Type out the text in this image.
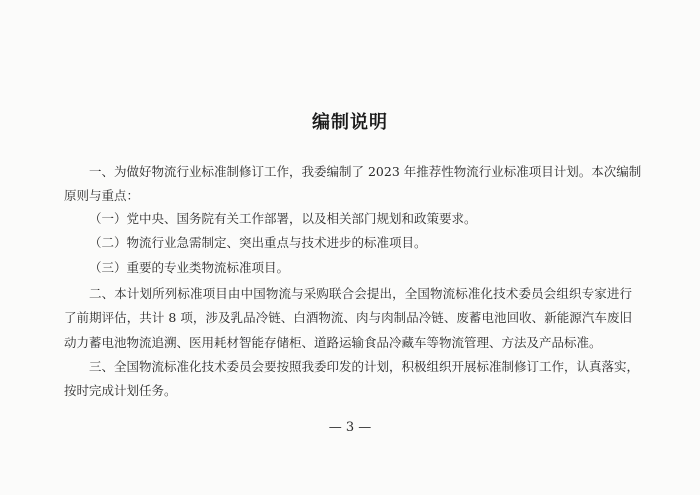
编制说明
一、为做好物流行业标准制修订工作，我委编制了 2023 年推荐性物流行业标准项目计划。本次编制
原则与重点：
（一）党中央、国务院有关工作部署，以及相关部门规划和政策要求。
（二）物流行业急需制定、突出重点与技术进步的标准项目。
（三）重要的专业类物流标准项目。
二、本计划所列标准项目由中国物流与采购联合会提出，全国物流标准化技术委员会组织专家进行
了前期评估，共计 8 项，涉及乳品冷链、白酒物流、肉与肉制品冷链、废蓄电池回收、新能源汽车废旧
动力蓄电池物流追溯、医用耗材智能存储柜、道路运输食品冷藏车等物流管理、方法及产品标准。
三、全国物流标准化技术委员会要按照我委印发的计划，积极组织开展标准制修订工作，认真落实，
按时完成计划任务。
— 3 —
